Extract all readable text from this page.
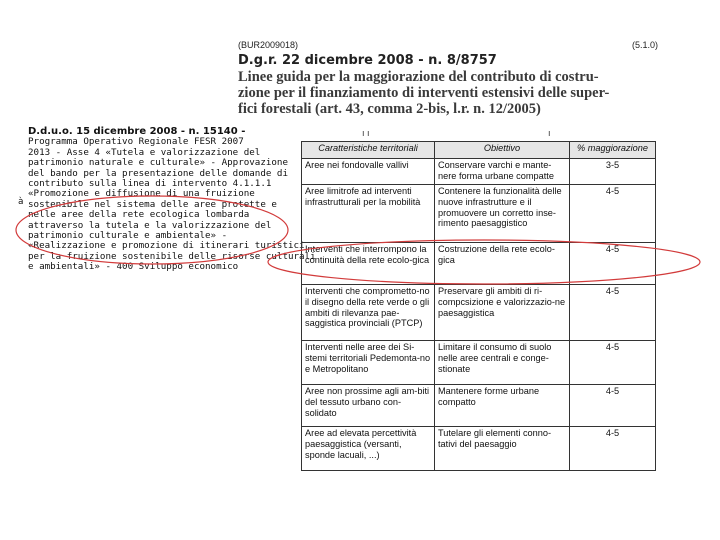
(BUR2009018)	(5.1.0)
D.g.r. 22 dicembre 2008 - n. 8/8757
Linee guida per la maggiorazione del contributo di costru-
zione per il finanziamento di interventi estensivi delle super-
fici forestali (art. 43, comma 2-bis, l.r. n. 12/2005)
ı ı	ı
D.d.u.o. 15 dicembre 2008 - n. 15140 -
Programma Operativo Regionale FESR 2007
2013 - Asse 4 «Tutela e valorizzazione del
patrimonio naturale e culturale» - Approvazione
del bando per la presentazione delle domande di
contributo sulla linea di intervento 4.1.1.1
«Promozione e diffusione di una fruizione
sostenibile nel sistema delle aree protette e
nelle aree della rete ecologica lombarda
attraverso la tutela e la valorizzazione del
patrimonio culturale e ambientale» -
«Realizzazione e promozione di itinerari turistici
per la fruizione sostenibile delle risorse culturali
e ambientali» - 400 Sviluppo economico
à
Caratteristiche territoriali	Obiettivo	% maggiorazione
Aree nei fondovalle vallivi	Conservare varchi e mante-nere forma urbane compatte	3-5
Aree limitrofe ad interventi infrastrutturali per la mobilità	Contenere la funzionalità delle nuove infrastrutture e il promuovere un corretto inse-rimento paesaggistico	4-5
Interventi che interrompono la continuità della rete ecolo-gica	Costruzione della rete ecolo-gica	4-5
Interventi che comprometto-no il disegno della rete verde o gli ambiti di rilevanza pae-saggistica provinciali (PTCP)	Preservare gli ambiti di ri-compcsizione e valorizzazio-ne paesaggistica	4-5
Interventi nelle aree dei Si-stemi territoriali Pedemonta-no e Metropolitano	Limitare il consumo di suolo nelle aree centrali e conge-stionate	4-5
Aree non prossime agli am-biti del tessuto urbano con-solidato	Mantenere forme urbane compatto	4-5
Aree ad elevata percettività paesaggistica (versanti, sponde lacuali, ...)	Tutelare gli elementi conno-tativi del paesaggio	4-5
